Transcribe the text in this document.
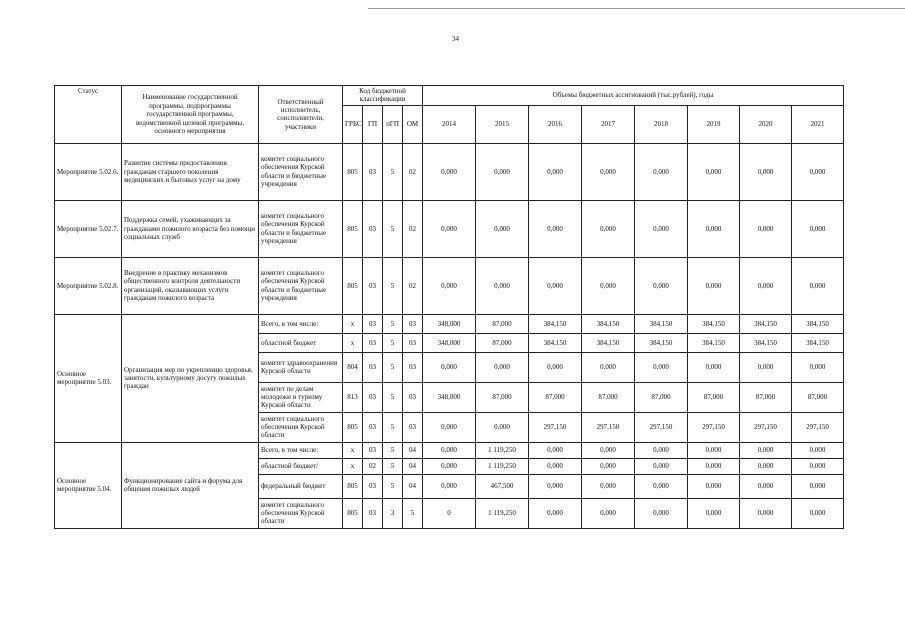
34
Статус	Наименование государственной программы, подпрограммы государственной программы, ведомственной целевой программы, основного мероприятия	Ответственный исполнитель, соисполнители, участники	Код бюджетной классификации				Объемы бюджетных ассигнований (тыс.рублей), годы							
			ГРБС	ГП	пГП	ОМ	2014	2015	2016	2017	2018	2019	2020	2021
Мероприятие 5.02.6.	Развитие системы предоставления гражданам старшего поколения медицинских и бытовых услуг на дому	комитет социального обеспечения Курской области и бюджетные учреждения	805	03	5	02	0,000	0,000	0,000	0,000	0,000	0,000	0,000	0,000
Мероприятие 5.02.7.	Поддержка семей, ухаживающих за гражданами пожилого возраста без помощи социальных служб	комитет социального обеспечения Курской области и бюджетные учреждения	805	03	5	02	0,000	0,000	0,000	0,000	0,000	0,000	0,000	0,000
Мероприятие 5.02.8.	Внедрение в практику механизмов общественного контроля деятельности организаций, оказывающих услуги гражданам пожилого возраста	комитет социального обеспечения Курской области и бюджетные учреждения	805	03	5	02	0,000	0,000	0,000	0,000	0,000	0,000	0,000	0,000
Основное мероприятие 5.03.	Организация мер по укреплению здоровья, занятости, культурному досугу пожилых граждан	Всего, в том числе:	х	03	5	03	348,000	87,000	384,150	384,150	384,150	384,150	384,150	384,150
		областной бюджет	х	03	5	03	348,000	87,000	384,150	384,150	384,150	384,150	384,150	384,150
		комитет здравоохранения Курской области	804	03	5	03	0,000	0,000	0,000	0,000	0,000	0,000	0,000	0,000
		комитет по делам молодежи и туризму Курской области	813	03	5	03	348,000	87,000	87,000	87,000	87,000	87,000	87,000	87,000
		комитет социального обеспечения Курской области	805	03	5	03	0,000	0,000	297,150	297,150	297,150	297,150	297,150	297,150
Основное мероприятие 5.04.	Функционирование сайта и форума для общения пожилых людей	Всего, в том числе:	х	03	5	04	0,000	1 119,250	0,000	0,000	0,000	0,000	0,000	0,000
		областной бюджет/	х	02	5	04	0,000	1 119,250	0,000	0,000	0,000	0,000	0,000	0,000
		федеральный бюджет	805	03	5	04	0,000	467,500	0,000	0,000	0,000	0,000	0,000	0,000
		комитет социального обеспечения Курской области	805	03	3	5	0	1 119,250	0,000	0,000	0,000	0,000	0,000	0,000
